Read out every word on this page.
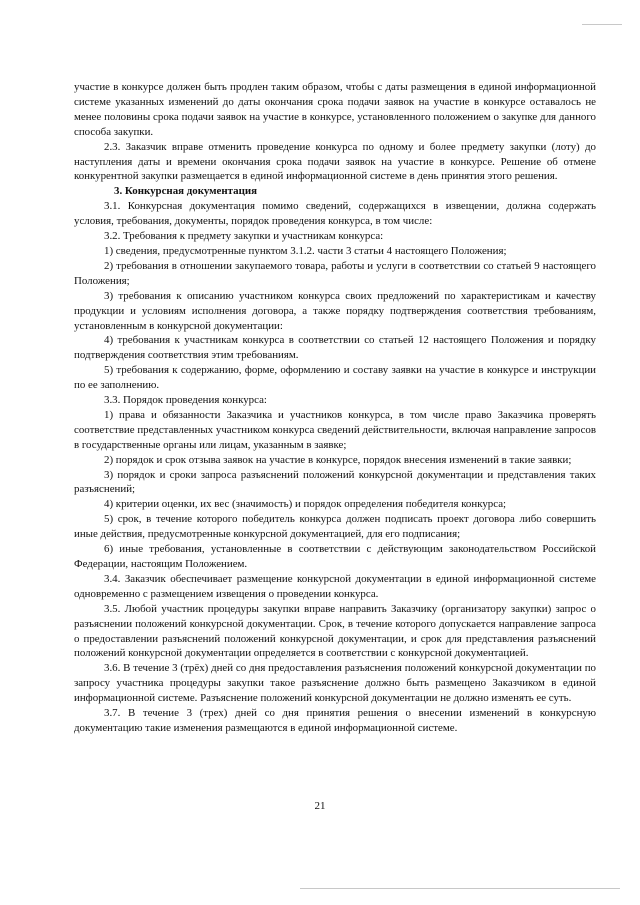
участие в конкурсе должен быть продлен таким образом, чтобы с даты размещения в единой информационной системе указанных изменений до даты окончания срока подачи заявок на участие в конкурсе оставалось не менее половины срока подачи заявок на участие в конкурсе, установленного положением о закупке для данного способа закупки.

2.3. Заказчик вправе отменить проведение конкурса по одному и более предмету закупки (лоту) до наступления даты и времени окончания срока подачи заявок на участие в конкурсе. Решение об отмене конкурентной закупки размещается в единой информационной системе в день принятия этого решения.

3. Конкурсная документация

3.1. Конкурсная документация помимо сведений, содержащихся в извещении, должна содержать условия, требования, документы, порядок проведения конкурса, в том числе:

3.2. Требования к предмету закупки и участникам конкурса:

1) сведения, предусмотренные пунктом 3.1.2. части 3 статьи 4 настоящего Положения;

2) требования в отношении закупаемого товара, работы и услуги в соответствии со статьей 9 настоящего Положения;

3) требования к описанию участником конкурса своих предложений по характеристикам и качеству продукции и условиям исполнения договора, а также порядку подтверждения соответствия требованиям, установленным в конкурсной документации:

4) требования к участникам конкурса в соответствии со статьей 12 настоящего Положения и порядку подтверждения соответствия этим требованиям.

5) требования к содержанию, форме, оформлению и составу заявки на участие в конкурсе и инструкции по ее заполнению.

3.3. Порядок проведения конкурса:

1) права и обязанности Заказчика и участников конкурса, в том числе право Заказчика проверять соответствие представленных участником конкурса сведений действительности, включая направление запросов в государственные органы или лицам, указанным в заявке;

2) порядок и срок отзыва заявок на участие в конкурсе, порядок внесения изменений в такие заявки;

3) порядок и сроки запроса разъяснений положений конкурсной документации и представления таких разъяснений;

4) критерии оценки, их вес (значимость) и порядок определения победителя конкурса;

5) срок, в течение которого победитель конкурса должен подписать проект договора либо совершить иные действия, предусмотренные конкурсной документацией, для его подписания;

6) иные требования, установленные в соответствии с действующим законодательством Российской Федерации, настоящим Положением.

3.4. Заказчик обеспечивает размещение конкурсной документации в единой информационной системе одновременно с размещением извещения о проведении конкурса.

3.5. Любой участник процедуры закупки вправе направить Заказчику (организатору закупки) запрос о разъяснении положений конкурсной документации. Срок, в течение которого допускается направление запроса о предоставлении разъяснений положений конкурсной документации, и срок для представления разъяснений положений конкурсной документации определяется в соответствии с конкурсной документацией.

3.6. В течение 3 (трёх) дней со дня предоставления разъяснения положений конкурсной документации по запросу участника процедуры закупки такое разъяснение должно быть размещено Заказчиком в единой информационной системе. Разъяснение положений конкурсной документации не должно изменять ее суть.

3.7. В течение 3 (трех) дней со дня принятия решения о внесении изменений в конкурсную документацию такие изменения размещаются в единой информационной системе.

21
